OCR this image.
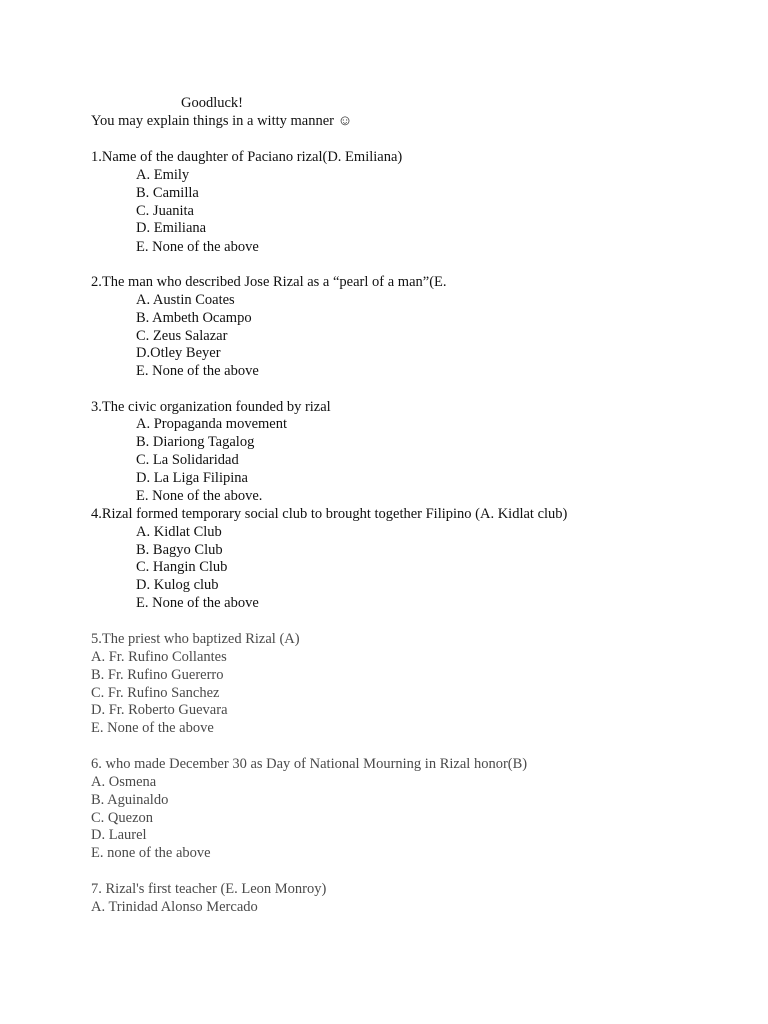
Goodluck!
You may explain things in a witty manner ☺
1.Name of the daughter of Paciano rizal(D. Emiliana)
A. Emily
B. Camilla
C. Juanita
D. Emiliana
E. None of the above
2.The man who described Jose Rizal as a “pearl of a man”(E.
A. Austin Coates
B. Ambeth Ocampo
C. Zeus Salazar
D.Otley Beyer
E. None of the above
3.The civic organization founded by rizal
A. Propaganda movement
B. Diariong Tagalog
C. La Solidaridad
D. La Liga Filipina
E. None of the above.
4.Rizal formed temporary social club to brought together Filipino (A. Kidlat club)
A. Kidlat Club
B. Bagyo Club
C. Hangin Club
D. Kulog club
E. None of the above
5.The priest who baptized Rizal (A)
A. Fr. Rufino Collantes
B. Fr. Rufino Guererro
C. Fr. Rufino Sanchez
D. Fr. Roberto Guevara
E. None of the above
6. who made December 30 as Day of National Mourning in Rizal honor(B)
A. Osmena
B. Aguinaldo
C. Quezon
D. Laurel
E. none of the above
7. Rizal's first teacher (E. Leon Monroy)
A. Trinidad Alonso Mercado
